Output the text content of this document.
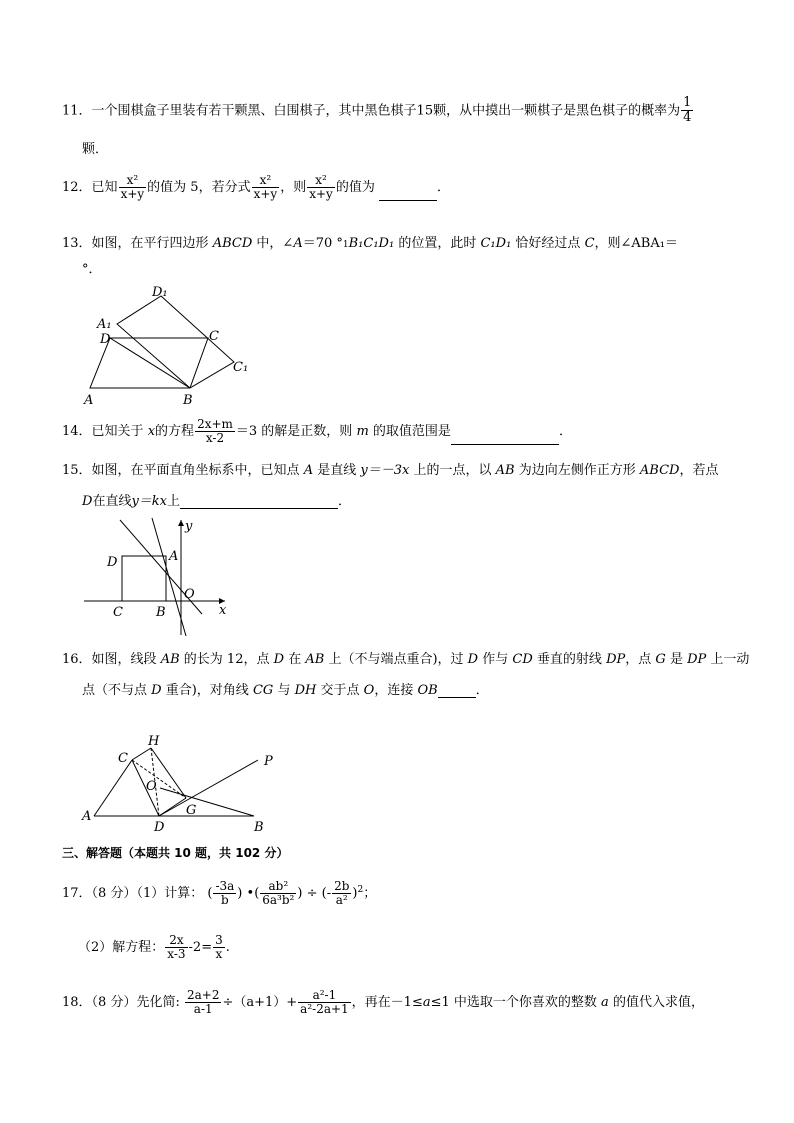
11．一个围棋盒子里装有若干颗黑、白围棋子，其中黑色棋子15颗，从中摸出一颗棋子是黑色棋子的概率为 $\frac{1}{4}$
颗．
12．已知 $\frac{\text{x²}}{x+y}$ 的值为 5，若分式 $\frac{\text{x²}}{x+y}$ ，则 $\frac{\text{x²}}{x+y}$ 的值为	．
13．如图，在平行四边形 ABCD 中，∠A＝70 °1B₁C₁D₁ 的位置，此时 C₁D₁ 恰好经过点 C，则∠ABA₁＝
°．
D₁
A₁
D	C
C₁
A	B
14．已知关于 x的方程 $\frac{2x+m}{x-2} =3$ 的解是正数，则 m 的取值范围是	．
15．如图，在平面直角坐标系中，已知点 A 是直线 y＝－3x 上的一点，以 AB 为边向左侧作正方形 ABCD，若点
D在直线y＝kx上	．
y
D	A
O
C	B	x
16．如图，线段 AB 的长为 12，点 D 在 AB 上（不与端点重合)，过 D 作与 CD 垂直的射线 DP，点 G 是 DP 上一动
点（不与点 D 重合)，对角线 CG 与 DH 交于点 O，连接 OB	．
H
C	P
O
G
A
D	B
三、解答题（本题共 10 题，共 102 分）
17．（8 分）（1）计算： ( $\frac{-3a}{b}$ ) •( $\frac{\text{ab²}}{\text{6a³b²}}$ ) ÷ (- $\frac{2b}{\text{a²}} )^2$；
（2）解方程： $\frac{2x}{x-3} -2= \frac{3}{x}$ .
18．（8 分）先化简: $\frac{2a+2}{a-1} \div(a+1)+ \frac{\text{a²-1}}{\text{a²-2a+1}}$ ，再在－1≤a≤1 中选取一个你喜欢的整数 a 的值代入求值，
